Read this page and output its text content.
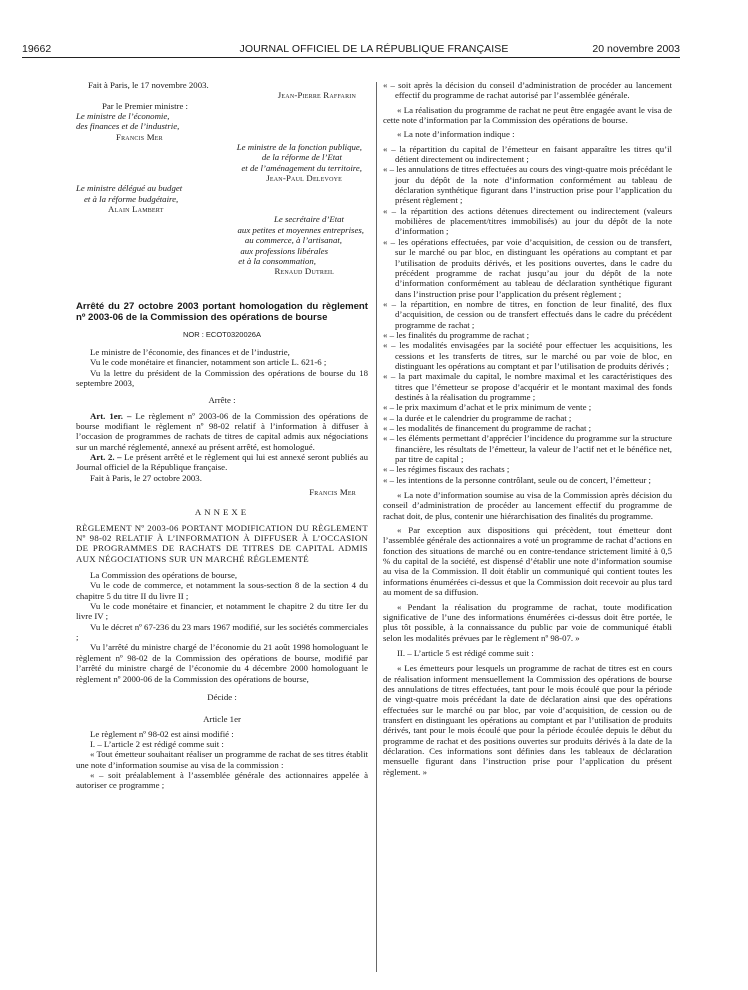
19662	JOURNAL OFFICIEL DE LA RÉPUBLIQUE FRANÇAISE	20 novembre 2003

Fait à Paris, le 17 novembre 2003.

Jean-Pierre Raffarin

Par le Premier ministre :

Le ministre de l’économie,

des finances et de l’industrie,

Francis Mer

Le ministre de la fonction publique,

de la réforme de l’Etat

et de l’aménagement du territoire,

Jean-Paul Delevoye

Le ministre délégué au budget

et à la réforme budgétaire,

Alain Lambert

Le secrétaire d’Etat

aux petites et moyennes entreprises,

au commerce, à l’artisanat,

aux professions libérales

et à la consommation,

Renaud Dutreil

Arrêté du 27 octobre 2003 portant homologation du règlement nº 2003-06 de la Commission des opérations de bourse

NOR : ECOT0320026A

Le ministre de l’économie, des finances et de l’industrie,

Vu le code monétaire et financier, notamment son article L. 621-6 ;

Vu la lettre du président de la Commission des opérations de bourse du 18 septembre 2003,

Arrête :

Art. 1er. – Le règlement nº 2003-06 de la Commission des opérations de bourse modifiant le règlement nº 98-02 relatif à l’information à diffuser à l’occasion de programmes de rachats de titres de capital admis aux négociations sur un marché réglementé, annexé au présent arrêté, est homologué.

Art. 2. – Le présent arrêté et le règlement qui lui est annexé seront publiés au Journal officiel de la République française.

Fait à Paris, le 27 octobre 2003.

Francis Mer

ANNEXE

RÈGLEMENT Nº 2003-06 PORTANT MODIFICATION DU RÈGLEMENT Nº 98-02 RELATIF À L’INFORMATION À DIFFUSER À L’OCCASION DE PROGRAMMES DE RACHATS DE TITRES DE CAPITAL ADMIS AUX NÉGOCIATIONS SUR UN MARCHÉ RÉGLEMENTÉ

La Commission des opérations de bourse,

Vu le code de commerce, et notamment la sous-section 8 de la section 4 du chapitre 5 du titre II du livre II ;

Vu le code monétaire et financier, et notamment le chapitre 2 du titre Ier du livre IV ;

Vu le décret nº 67-236 du 23 mars 1967 modifié, sur les sociétés commerciales ;

Vu l’arrêté du ministre chargé de l’économie du 21 août 1998 homologuant le règlement nº 98-02 de la Commission des opérations de bourse, modifié par l’arrêté du ministre chargé de l’économie du 4 décembre 2000 homologuant le règlement nº 2000-06 de la Commission des opérations de bourse,

Décide :

Article 1er

Le règlement nº 98-02 est ainsi modifié :

I. – L’article 2 est rédigé comme suit :

« Tout émetteur souhaitant réaliser un programme de rachat de ses titres établit une note d’information soumise au visa de la commission :

« – soit préalablement à l’assemblée générale des actionnaires appelée à autoriser ce programme ;

« – soit après la décision du conseil d’administration de procéder au lancement effectif du programme de rachat autorisé par l’assemblée générale.

« La réalisation du programme de rachat ne peut être engagée avant le visa de cette note d’information par la Commission des opérations de bourse.

« La note d’information indique :

« – la répartition du capital de l’émetteur en faisant apparaître les titres qu’il détient directement ou indirectement ;

« – les annulations de titres effectuées au cours des vingt-quatre mois précédant le jour du dépôt de la note d’information conformément au tableau de déclaration synthétique figurant dans l’instruction prise pour l’application du présent règlement ;

« – la répartition des actions détenues directement ou indirectement (valeurs mobilières de placement/titres immobilisés) au jour du dépôt de la note d’information ;

« – les opérations effectuées, par voie d’acquisition, de cession ou de transfert, sur le marché ou par bloc, en distinguant les opérations au comptant et par l’utilisation de produits dérivés, et les positions ouvertes, dans le cadre du précédent programme de rachat jusqu’au jour du dépôt de la note d’information conformément au tableau de déclaration synthétique figurant dans l’instruction prise pour l’application du présent règlement ;

« – la répartition, en nombre de titres, en fonction de leur finalité, des flux d’acquisition, de cession ou de transfert effectués dans le cadre du précédent programme de rachat ;

« – les finalités du programme de rachat ;

« – les modalités envisagées par la société pour effectuer les acquisitions, les cessions et les transferts de titres, sur le marché ou par voie de bloc, en distinguant les opérations au comptant et par l’utilisation de produits dérivés ;

« – la part maximale du capital, le nombre maximal et les caractéristiques des titres que l’émetteur se propose d’acquérir et le montant maximal des fonds destinés à la réalisation du programme ;

« – le prix maximum d’achat et le prix minimum de vente ;

« – la durée et le calendrier du programme de rachat ;

« – les modalités de financement du programme de rachat ;

« – les éléments permettant d’apprécier l’incidence du programme sur la structure financière, les résultats de l’émetteur, la valeur de l’actif net et le bénéfice net, par titre de capital ;

« – les régimes fiscaux des rachats ;

« – les intentions de la personne contrôlant, seule ou de concert, l’émetteur ;

« La note d’information soumise au visa de la Commission après décision du conseil d’administration de procéder au lancement effectif du programme de rachat doit, de plus, contenir une hiérarchisation des finalités du programme.

« Par exception aux dispositions qui précèdent, tout émetteur dont l’assemblée générale des actionnaires a voté un programme de rachat d’actions en fonction des situations de marché ou en contre-tendance strictement limité à 0,5 % du capital de la société, est dispensé d’établir une note d’information soumise au visa de la Commission. Il doit établir un communiqué qui contient toutes les informations énumérées ci-dessus et que la Commission doit recevoir au plus tard au moment de sa diffusion.

« Pendant la réalisation du programme de rachat, toute modification significative de l’une des informations énumérées ci-dessus doit être portée, le plus tôt possible, à la connaissance du public par voie de communiqué établi selon les modalités prévues par le règlement nº 98-07. »

II. – L’article 5 est rédigé comme suit :

« Les émetteurs pour lesquels un programme de rachat de titres est en cours de réalisation informent mensuellement la Commission des opérations de bourse des annulations de titres effectuées, tant pour le mois écoulé que pour la période de vingt-quatre mois précédant la date de déclaration ainsi que des opérations effectuées sur le marché ou par bloc, par voie d’acquisition, de cession ou de transfert en distinguant les opérations au comptant et par l’utilisation de produits dérivés, tant pour le mois écoulé que pour la période écoulée depuis le début du programme de rachat et des positions ouvertes sur produits dérivés à la date de la déclaration. Ces informations sont définies dans les tableaux de déclaration mensuelle figurant dans l’instruction prise pour l’application du présent règlement. »
